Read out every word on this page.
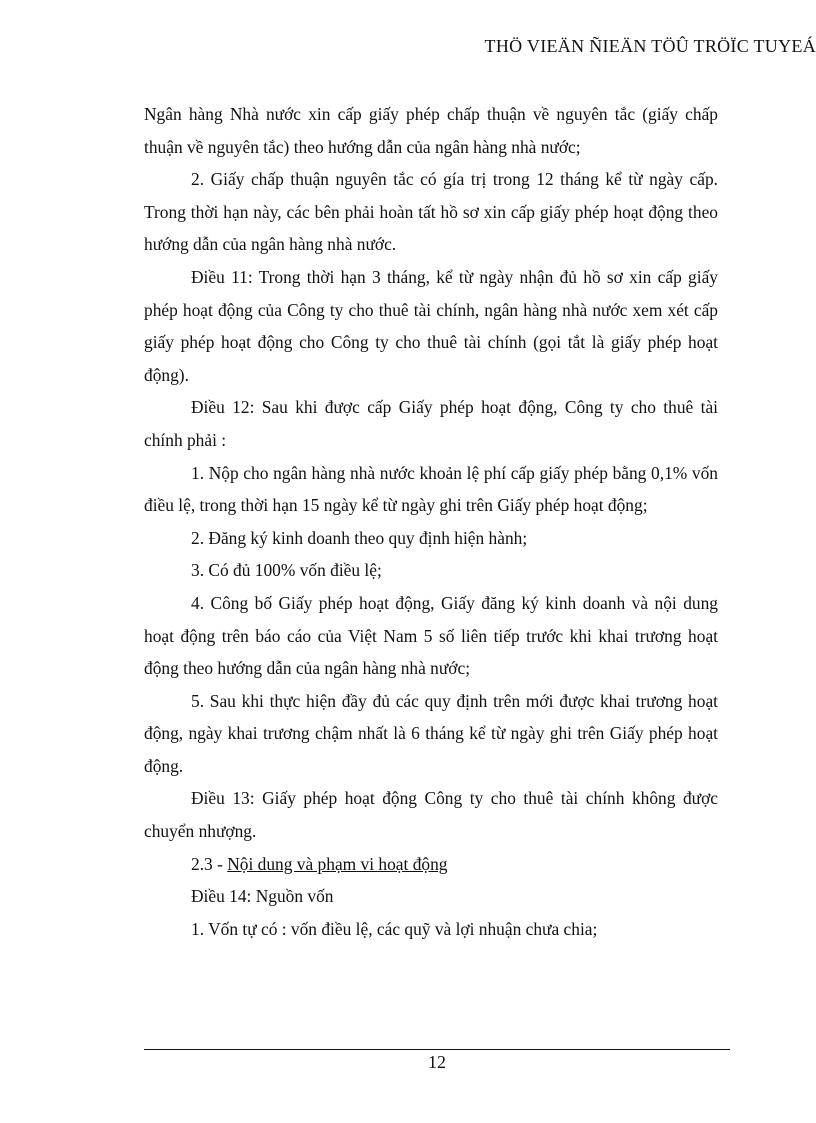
THÖ VIEÄN ÑIEÄN TÖÛ TRÖÏC TUYEÁ

Ngân hàng Nhà nước xin cấp giấy phép chấp thuận về nguyên tắc (giấy chấp thuận về nguyên tắc) theo hướng dẫn của ngân hàng nhà nước;

2. Giấy chấp thuận nguyên tắc có gía trị trong 12 tháng kể từ ngày cấp. Trong thời hạn này, các bên phải hoàn tất hồ sơ xin cấp giấy phép hoạt động theo hướng dẫn của ngân hàng nhà nước.

Điều 11: Trong thời hạn 3 tháng, kể từ ngày nhận đủ hồ sơ xin cấp giấy phép hoạt động của Công ty cho thuê tài chính, ngân hàng nhà nước xem xét cấp giấy phép hoạt động cho Công ty cho thuê tài chính (gọi tắt là giấy phép hoạt động).

Điều 12: Sau khi được cấp Giấy phép hoạt động, Công ty cho thuê tài chính phải :

1. Nộp cho ngân hàng nhà nước khoản lệ phí cấp giấy phép bằng 0,1% vốn điều lệ, trong thời hạn 15 ngày kể từ ngày ghi trên Giấy phép hoạt động;

2. Đăng ký kinh doanh theo quy định hiện hành;

3. Có đủ 100% vốn điều lệ;

4. Công bố Giấy phép hoạt động, Giấy đăng ký kinh doanh và nội dung hoạt động trên báo cáo của Việt Nam 5 số liên tiếp trước khi khai trương hoạt động theo hướng dẫn của ngân hàng nhà nước;

5. Sau khi thực hiện đầy đủ các quy định trên mới được khai trương hoạt động, ngày khai trương chậm nhất là 6 tháng kể từ ngày ghi trên Giấy phép hoạt động.

Điều 13: Giấy phép hoạt động Công ty cho thuê tài chính không được chuyển nhượng.

2.3 - Nội dung và phạm vi hoạt động

Điều 14: Nguồn vốn

1. Vốn tự có : vốn điều lệ, các quỹ và lợi nhuận chưa chia;

12
